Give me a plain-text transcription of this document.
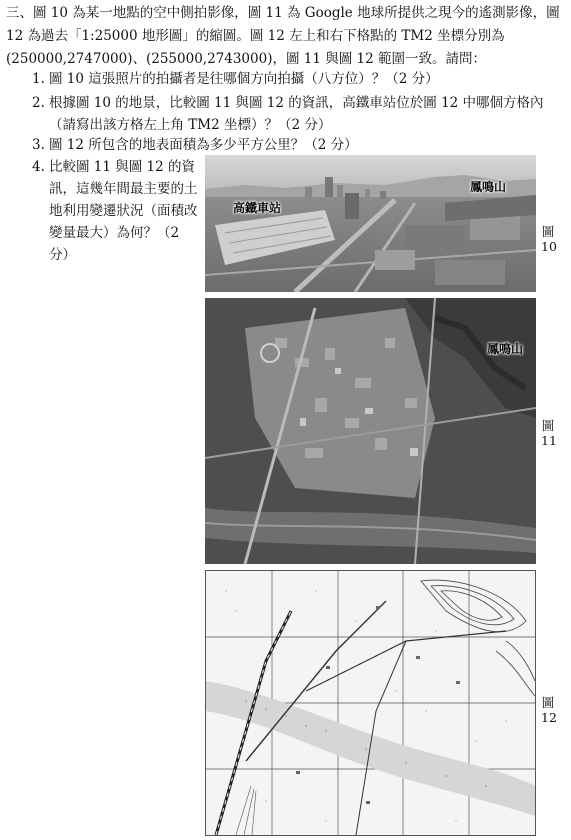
三、圖 10 為某一地點的空中側拍影像，圖 11 為 Google 地球所提供之現今的遙測影像，圖 12 為過去「1:25000 地形圖」的縮圖。圖 12 左上和右下格點的 TM2 坐標分別為(250000,2747000)、(255000,2743000)，圖 11 與圖 12 範圍一致。請問：
1. 圖 10 這張照片的拍攝者是往哪個方向拍攝（八方位）？（2 分）
2. 根據圖 10 的地景，比較圖 11 與圖 12 的資訊，高鐵車站位於圖 12 中哪個方格內（請寫出該方格左上角 TM2 坐標）？（2 分）
3. 圖 12 所包含的地表面積為多少平方公里？（2 分）
4. 比較圖 11 與圖 12 的資訊，這幾年間最主要的土地利用變遷狀況（面積改變量最大）為何？（2 分）
高鐵車站
鳳鳴山
圖
10
鳳鳴山
圖
11
圖
12
